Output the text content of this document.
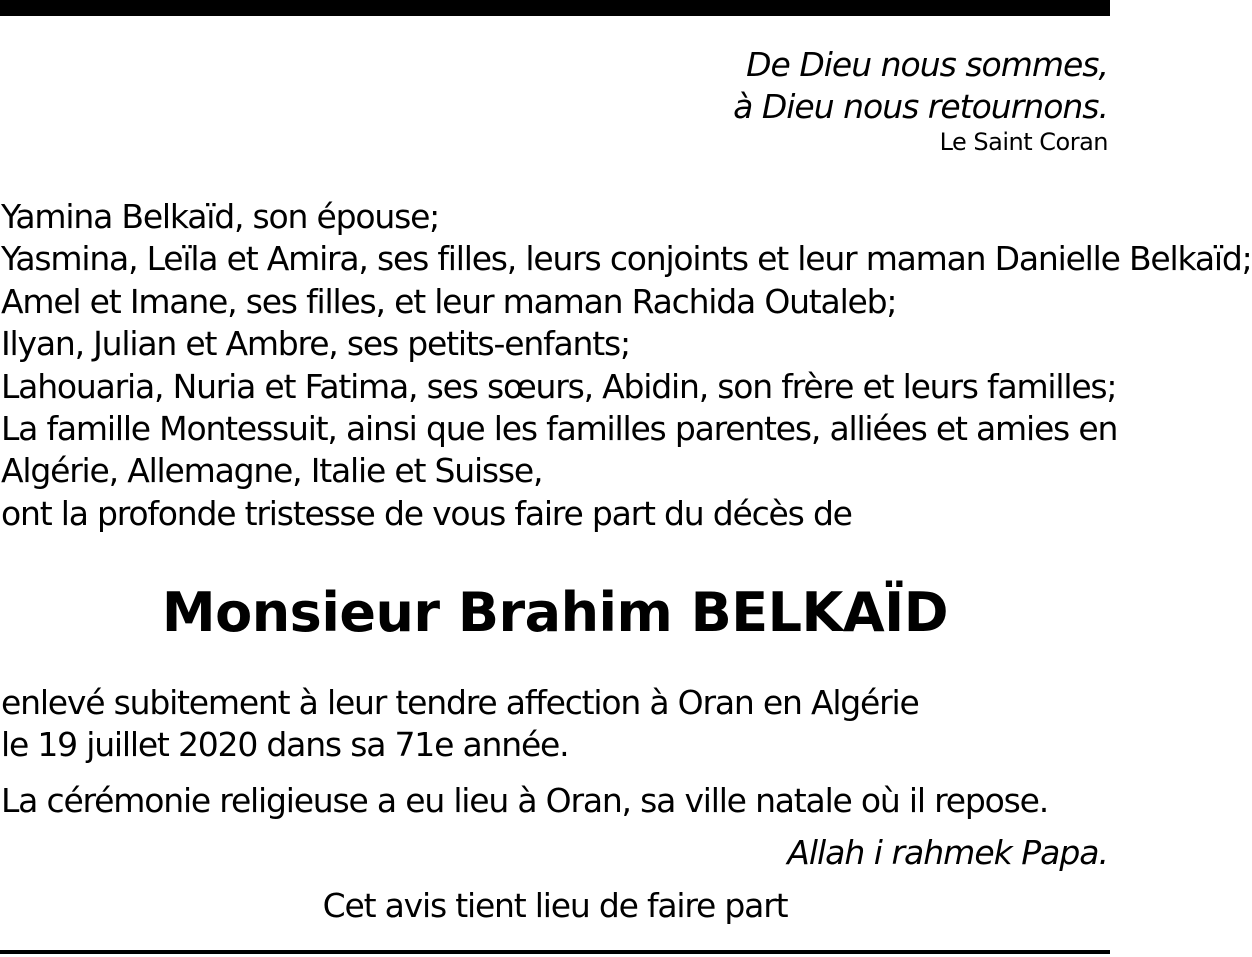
De Dieu nous sommes,
à Dieu nous retournons.
Le Saint Coran
Yamina Belkaïd, son épouse;
Yasmina, Leïla et Amira, ses filles, leurs conjoints et leur maman Danielle Belkaïd;
Amel et Imane, ses filles, et leur maman Rachida Outaleb;
Ilyan, Julian et Ambre, ses petits-enfants;
Lahouaria, Nuria et Fatima, ses sœurs, Abidin, son frère et leurs familles;
La famille Montessuit, ainsi que les familles parentes, alliées et amies en
Algérie, Allemagne, Italie et Suisse,
ont la profonde tristesse de vous faire part du décès de
Monsieur Brahim BELKAÏD
enlevé subitement à leur tendre affection à Oran en Algérie
le 19 juillet 2020 dans sa 71e année.
La cérémonie religieuse a eu lieu à Oran, sa ville natale où il repose.
Allah i rahmek Papa.
Cet avis tient lieu de faire part
